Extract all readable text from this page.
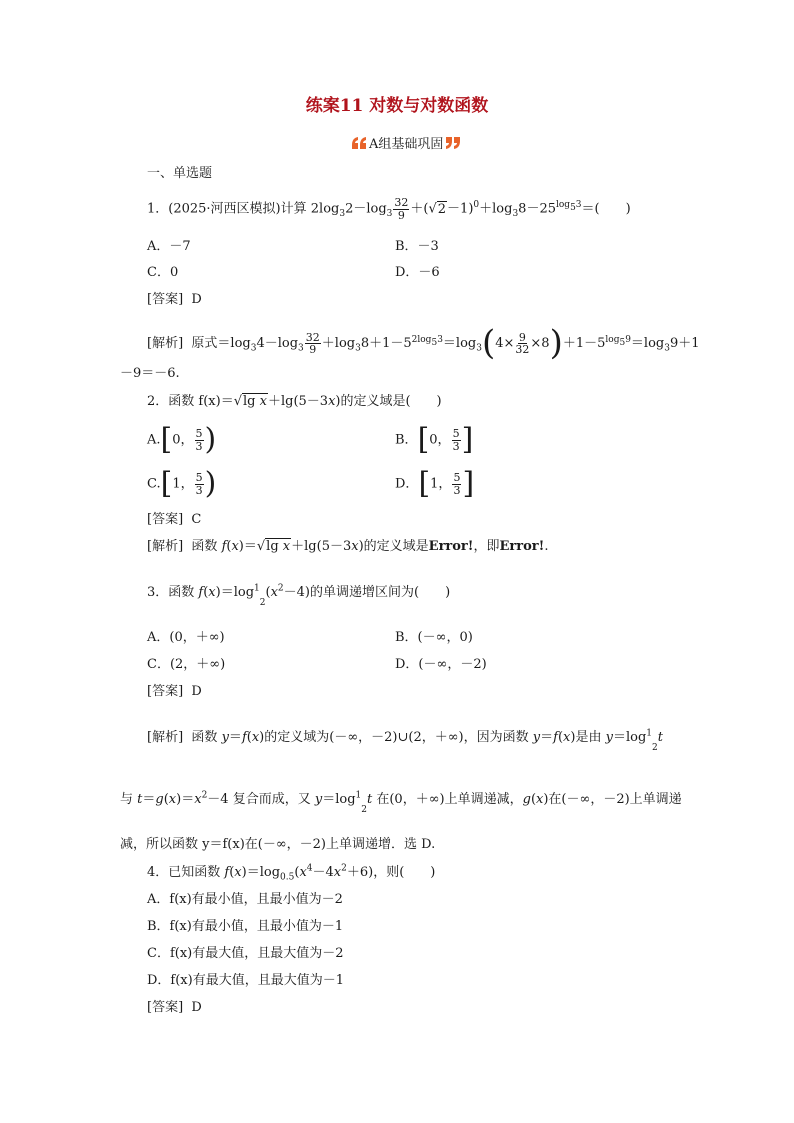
练案11 对数与对数函数
A组基础巩固
一、单选题
1．(2025·河西区模拟)计算 $2\log_32-\log_3 \frac{32}{9} +(√2-1)^0+\log_38-25^{log_53}=$(　　)
A．－7	B．－3
C．0	D．－6
[答案] D
[解析]  原式$=\log_34-\log_3 \frac{32}{9} +\log_38+1-5^{2log_53}=\log_3(4\times \frac{9}{32} \times 8)+1-5^{log_59}=\log_39+1$
－9＝－6.
2．函数 f(x)＝√lg x＋lg(5－3x)的定义域是(　　)
A.[0， $\frac{5}{3}$ )	B．[0， $\frac{5}{3}$ ]
C.[1， $\frac{5}{3}$ )	D．[1， $\frac{5}{3}$ ]
[答案] C
[解析]  函数 f(x)＝√lg x＋lg(5－3x)的定义域是Error!，即Error!.
3．函数 $f(x)=\log^1_2(x^2-4)$的单调递增区间为(　　)
A．(0，＋∞)	B．(－∞，0)
C．(2，＋∞)	D．(－∞，－2)
[答案] D
[解析]  函数 y＝f(x)的定义域为(－∞，－2)∪(2，＋∞)，因为函数 y＝f(x)是由 $y=\log^1_2t$
与 $t=g(x)=x^2-4$ 复合而成，又 $y=\log^1_2t$ 在(0，＋∞)上单调递减，g(x)在(－∞，－2)上单调递
减，所以函数 y＝f(x)在(－∞，－2)上单调递增．选 D.
4．已知函数 $f(x)=\log_{0.5}(x^4-4x^2+6)$，则(　　)
A．f(x)有最小值，且最小值为－2
B．f(x)有最小值，且最小值为－1
C．f(x)有最大值，且最大值为－2
D．f(x)有最大值，且最大值为－1
[答案] D
